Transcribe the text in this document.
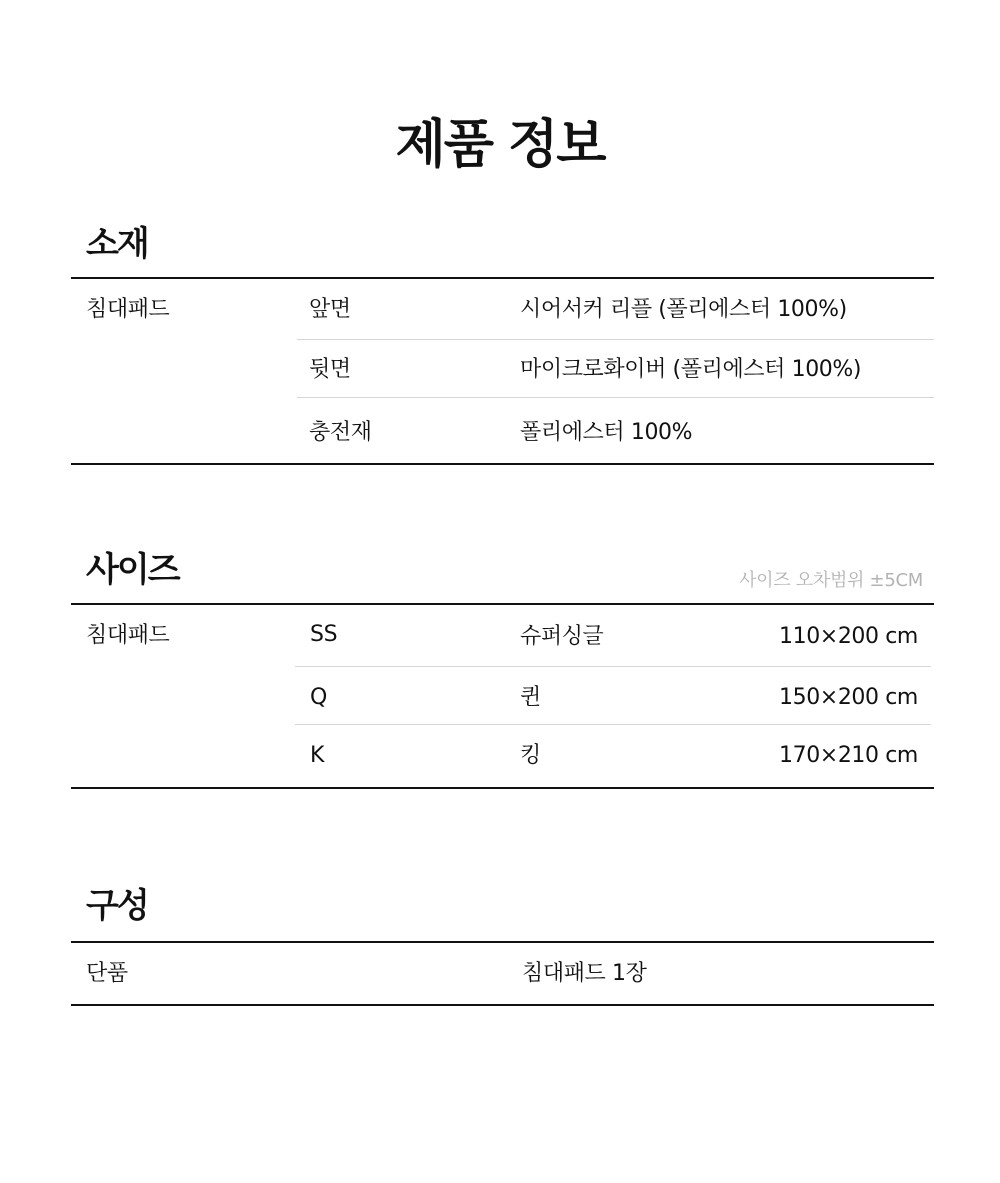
제품 정보
소재
침대패드	앞면	시어서커 리플 (폴리에스터 100%)
뒷면	마이크로화이버 (폴리에스터 100%)
충전재	폴리에스터 100%
사이즈	사이즈 오차범위 ±5CM
침대패드	SS	슈퍼싱글	110×200 cm
Q	퀸	150×200 cm
K	킹	170×210 cm
구성
단품	침대패드 1장
